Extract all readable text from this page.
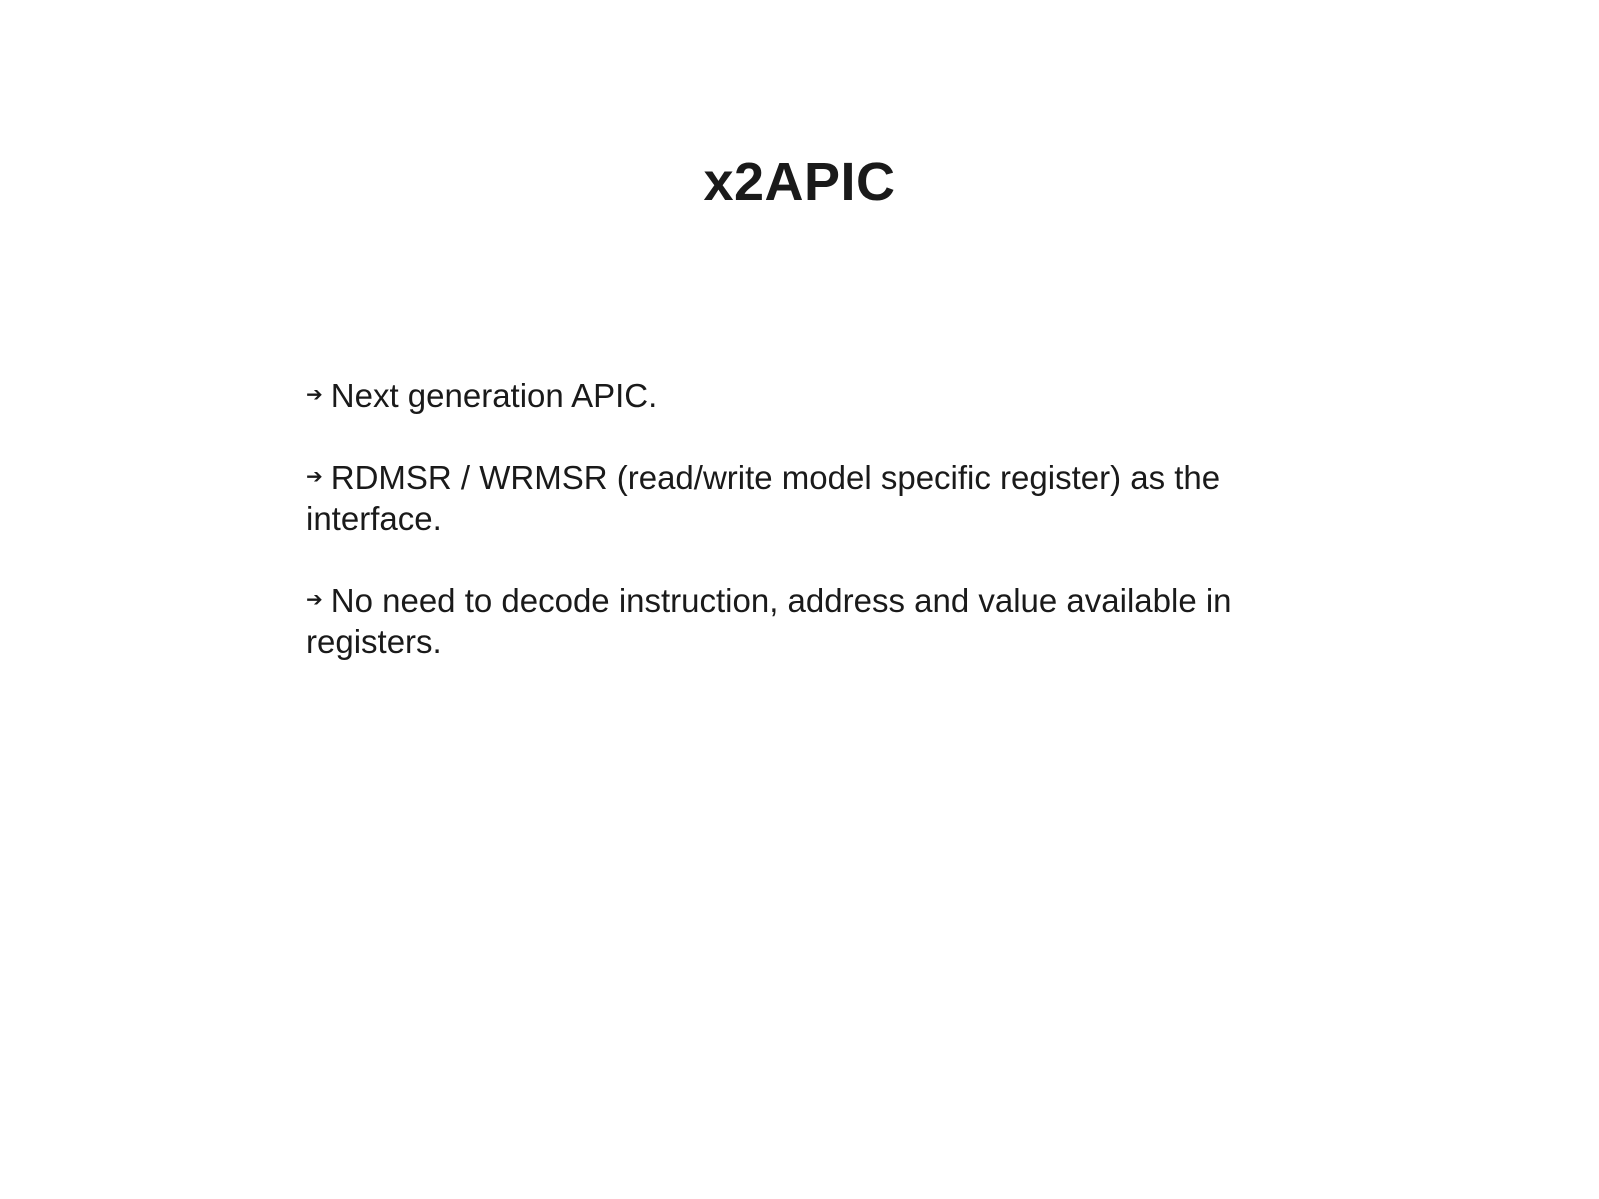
x2APIC
➔ Next generation APIC.
➔ RDMSR / WRMSR (read/write model specific register) as the interface.
➔ No need to decode instruction, address and value available in registers.
